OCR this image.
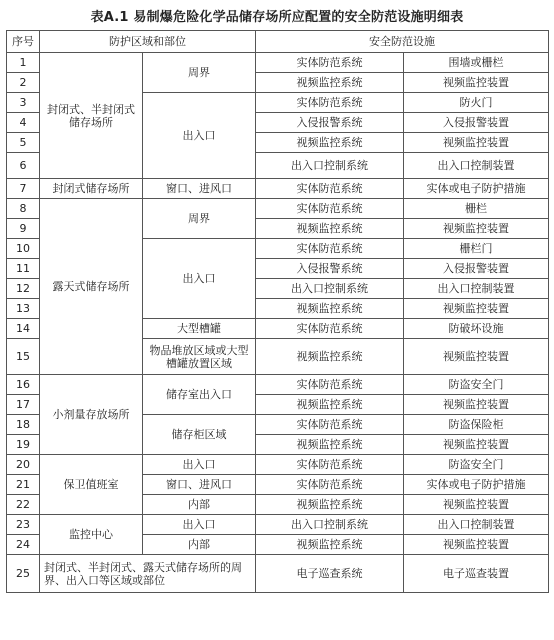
表A.1 易制爆危险化学品储存场所应配置的安全防范设施明细表
序号	防护区域和部位		安全防范设施	
1	封闭式、半封闭式储存场所	周界	实体防范系统	围墙或栅栏
2			视频监控系统	视频监控装置
3		出入口	实体防范系统	防火门
4			入侵报警系统	入侵报警装置
5			视频监控系统	视频监控装置
6			出入口控制系统	出入口控制装置
7	封闭式储存场所	窗口、进风口	实体防范系统	实体或电子防护措施
8	露天式储存场所	周界	实体防范系统	栅栏
9			视频监控系统	视频监控装置
10		出入口	实体防范系统	栅栏门
11			入侵报警系统	入侵报警装置
12			出入口控制系统	出入口控制装置
13			视频监控系统	视频监控装置
14		大型槽罐	实体防范系统	防破坏设施
15		物品堆放区域或大型槽罐放置区域	视频监控系统	视频监控装置
16	小剂量存放场所	储存室出入口	实体防范系统	防盗安全门
17			视频监控系统	视频监控装置
18		储存柜区域	实体防范系统	防盗保险柜
19			视频监控系统	视频监控装置
20	保卫值班室	出入口	实体防范系统	防盗安全门
21		窗口、进风口	实体防范系统	实体或电子防护措施
22		内部	视频监控系统	视频监控装置
23	监控中心	出入口	出入口控制系统	出入口控制装置
24		内部	视频监控系统	视频监控装置
25	封闭式、半封闭式、露天式储存场所的周界、出入口等区域或部位		电子巡查系统	电子巡查装置
